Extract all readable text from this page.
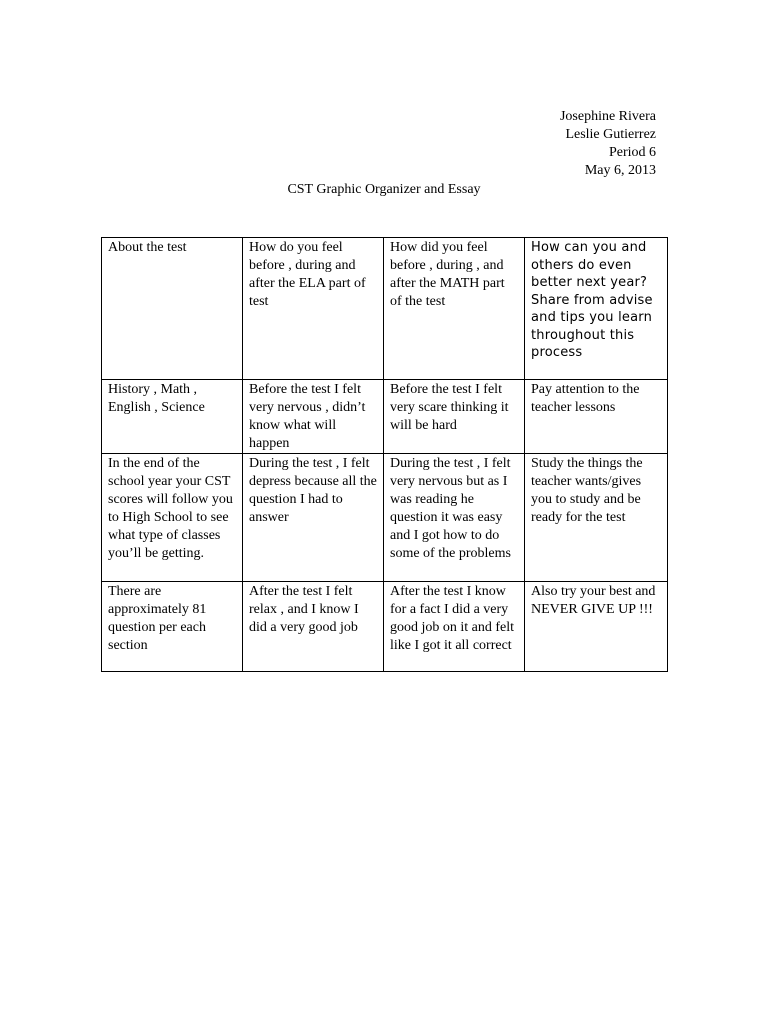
Josephine Rivera
Leslie Gutierrez
Period 6
May 6, 2013
CST Graphic Organizer and Essay
About the test	How do you feel before , during and after the ELA part of test	How did you feel before , during , and after the MATH part of the test	How can you and others do even better next year? Share from advise and tips you learn throughout this process
History , Math , English , Science	Before the test I felt very nervous , didn’t know what will happen	Before the test I felt very scare thinking it will be hard	Pay attention to the teacher lessons
In the end of the school year your CST scores will follow you to High School to see what type of classes you’ll be getting.	During the test , I felt depress because all the question I had to answer	During the test , I felt very nervous but as I was reading he question it was easy and I got how to do some of the problems	Study the things the teacher wants/gives you to study and be ready for the test
There are approximately 81 question per each section	After the test I felt relax , and I know I did a very good job	After the test I know for a fact I did a very good job on it and felt like I got it all correct	Also try your best and NEVER GIVE UP !!!
